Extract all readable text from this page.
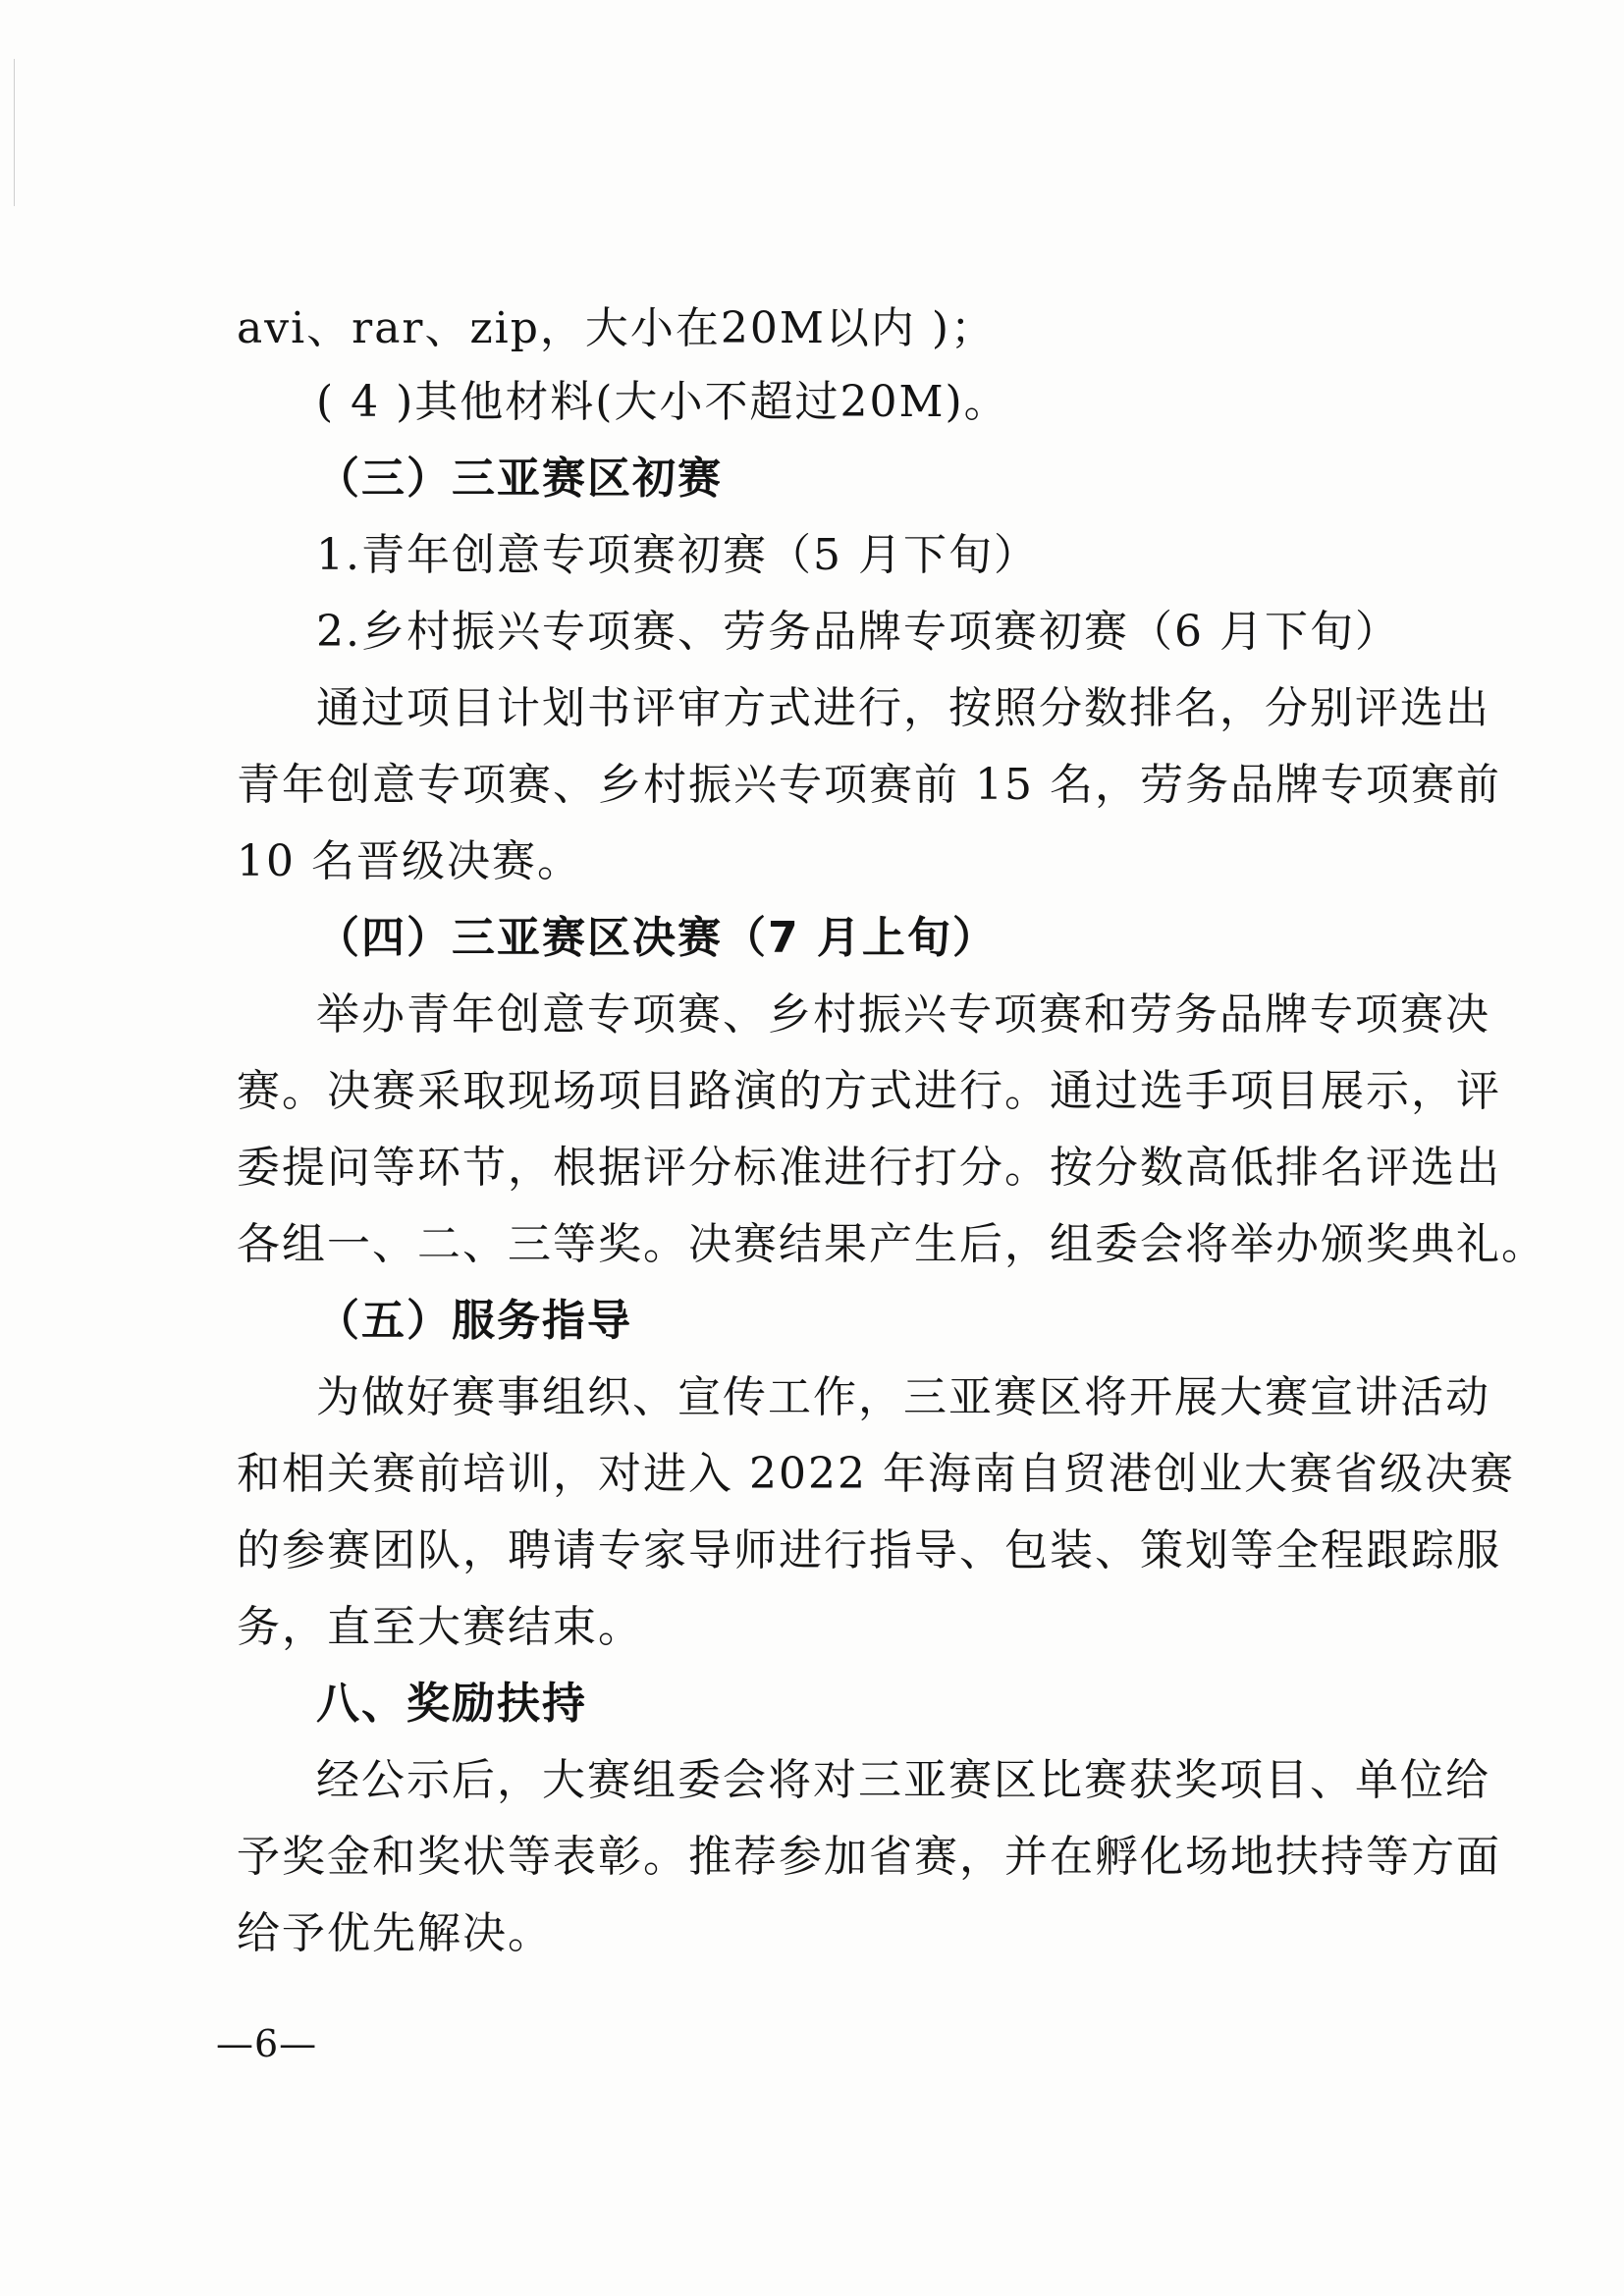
avi、rar、zip，大小在20M以内 )；
( 4 )其他材料(大小不超过20M)。
（三）三亚赛区初赛
1.青年创意专项赛初赛（5 月下旬）
2.乡村振兴专项赛、劳务品牌专项赛初赛（6 月下旬）
通过项目计划书评审方式进行，按照分数排名，分别评选出
青年创意专项赛、乡村振兴专项赛前 15 名，劳务品牌专项赛前
10 名晋级决赛。
（四）三亚赛区决赛（7 月上旬）
举办青年创意专项赛、乡村振兴专项赛和劳务品牌专项赛决
赛。决赛采取现场项目路演的方式进行。通过选手项目展示，评
委提问等环节，根据评分标准进行打分。按分数高低排名评选出
各组一、二、三等奖。决赛结果产生后，组委会将举办颁奖典礼。
（五）服务指导
为做好赛事组织、宣传工作，三亚赛区将开展大赛宣讲活动
和相关赛前培训，对进入 2022 年海南自贸港创业大赛省级决赛
的参赛团队，聘请专家导师进行指导、包装、策划等全程跟踪服
务，直至大赛结束。
八、奖励扶持
经公示后，大赛组委会将对三亚赛区比赛获奖项目、单位给
予奖金和奖状等表彰。推荐参加省赛，并在孵化场地扶持等方面
给予优先解决。
—6—
